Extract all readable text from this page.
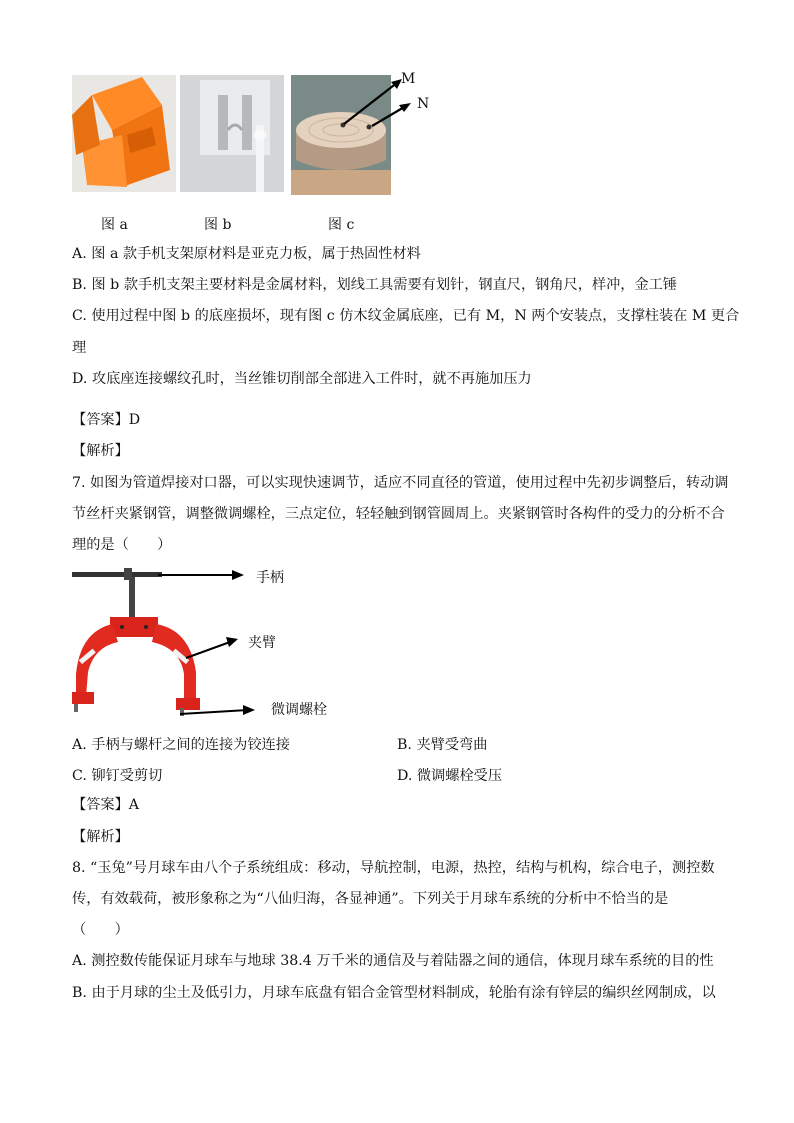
M
N
图 a	图 b	图 c
A. 图 a 款手机支架原材料是亚克力板，属于热固性材料
B. 图 b 款手机支架主要材料是金属材料，划线工具需要有划针，钢直尺，钢角尺，样冲，金工锤
C. 使用过程中图 b 的底座损坏，现有图 c 仿木纹金属底座，已有 M，N 两个安装点，支撑柱装在 M 更合
理
D. 攻底座连接螺纹孔时，当丝锥切削部全部进入工件时，就不再施加压力
【答案】D
【解析】
7. 如图为管道焊接对口器，可以实现快速调节，适应不同直径的管道，使用过程中先初步调整后，转动调
节丝杆夹紧钢管，调整微调螺栓，三点定位，轻轻触到钢管圆周上。夹紧钢管时各构件的受力的分析不合
理的是（　　）
手柄
夹臂
微调螺栓
A. 手柄与螺杆之间的连接为铰连接	B. 夹臂受弯曲
C. 铆钉受剪切	D. 微调螺栓受压
【答案】A
【解析】
8. “玉兔”号月球车由八个子系统组成：移动，导航控制，电源，热控，结构与机构，综合电子，测控数
传，有效载荷，被形象称之为“八仙归海，各显神通”。下列关于月球车系统的分析中不恰当的是
（　　）
A. 测控数传能保证月球车与地球 38.4 万千米的通信及与着陆器之间的通信，体现月球车系统的目的性
B. 由于月球的尘土及低引力，月球车底盘有铝合金管型材料制成，轮胎有涂有锌层的编织丝网制成，以
